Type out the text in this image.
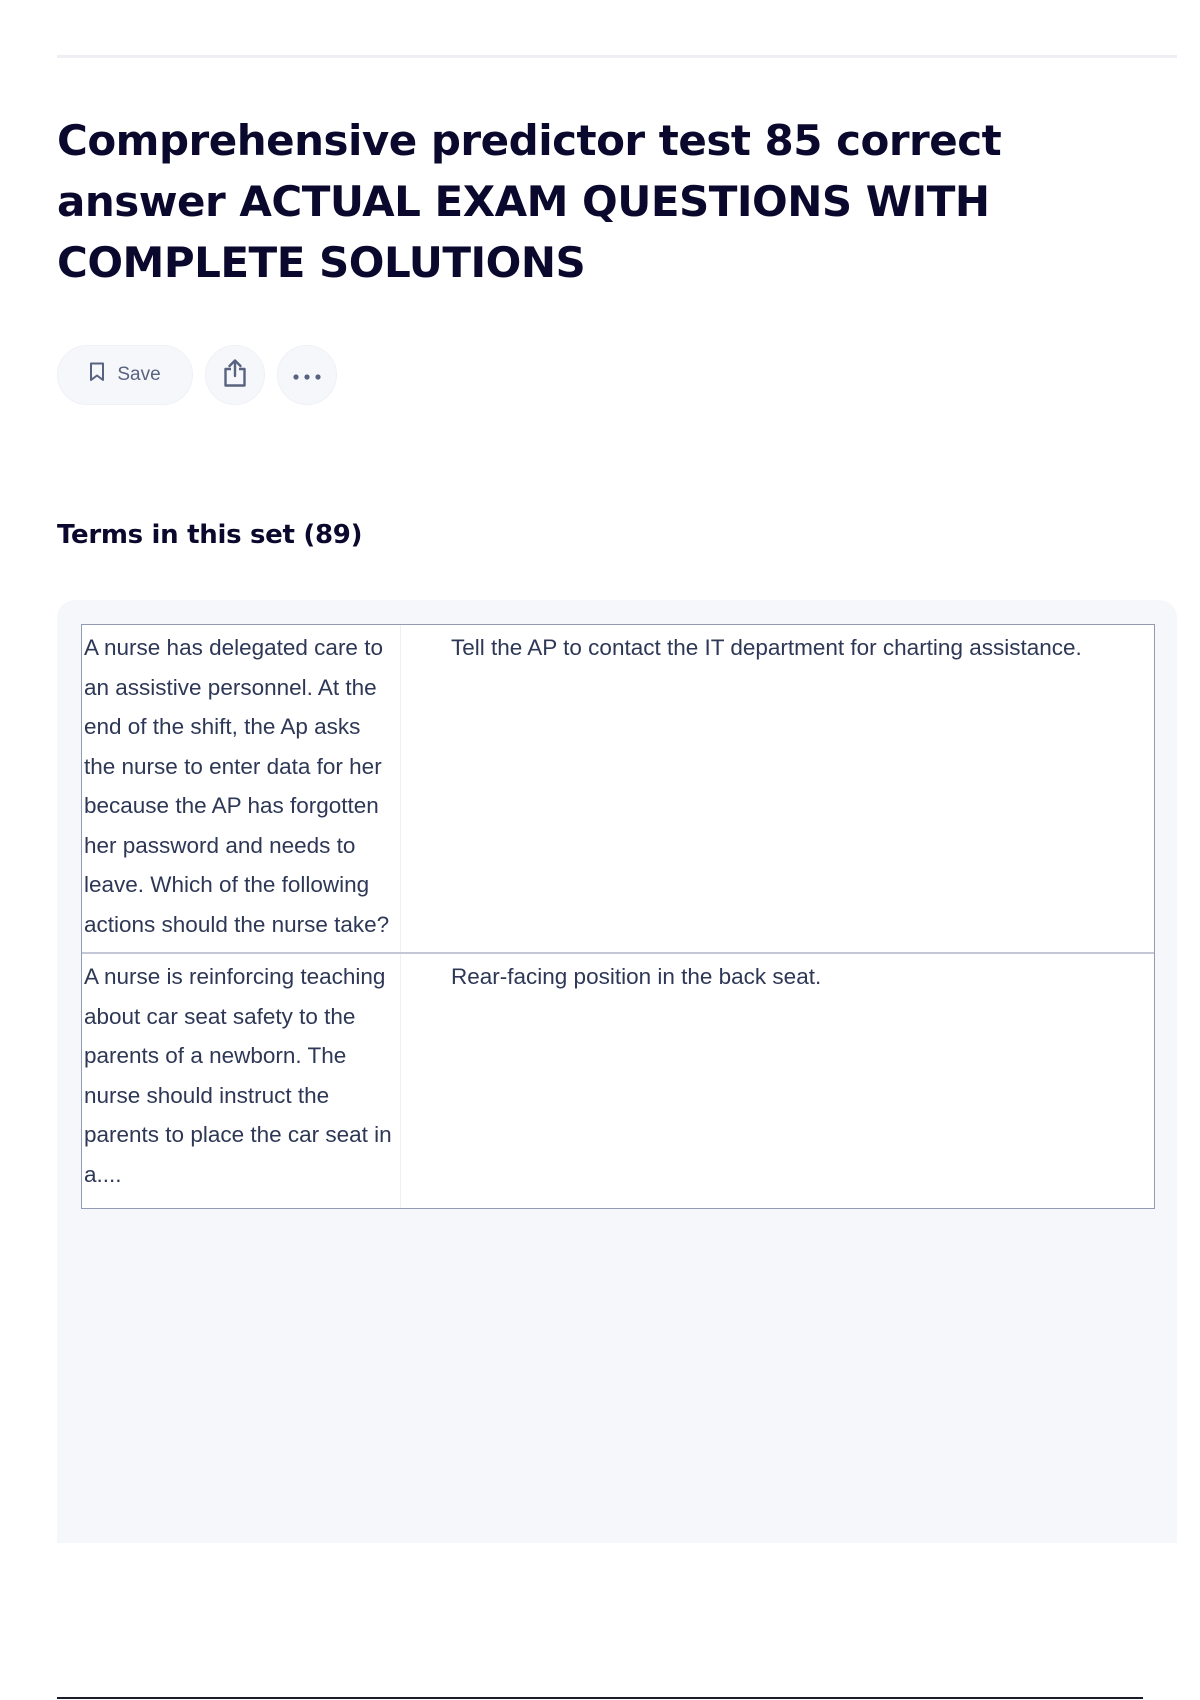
Comprehensive predictor test 85 correct answer ACTUAL EXAM QUESTIONS WITH COMPLETE SOLUTIONS
Save
Terms in this set (89)
A nurse has delegated care to an assistive personnel. At the end of the shift, the Ap asks the nurse to enter data for her because the AP has forgotten her password and needs to leave. Which of the following actions should the nurse take?
Tell the AP to contact the IT department for charting assistance.
A nurse is reinforcing teaching about car seat safety to the parents of a newborn. The nurse should instruct the parents to place the car seat in a....
Rear-facing position in the back seat.
